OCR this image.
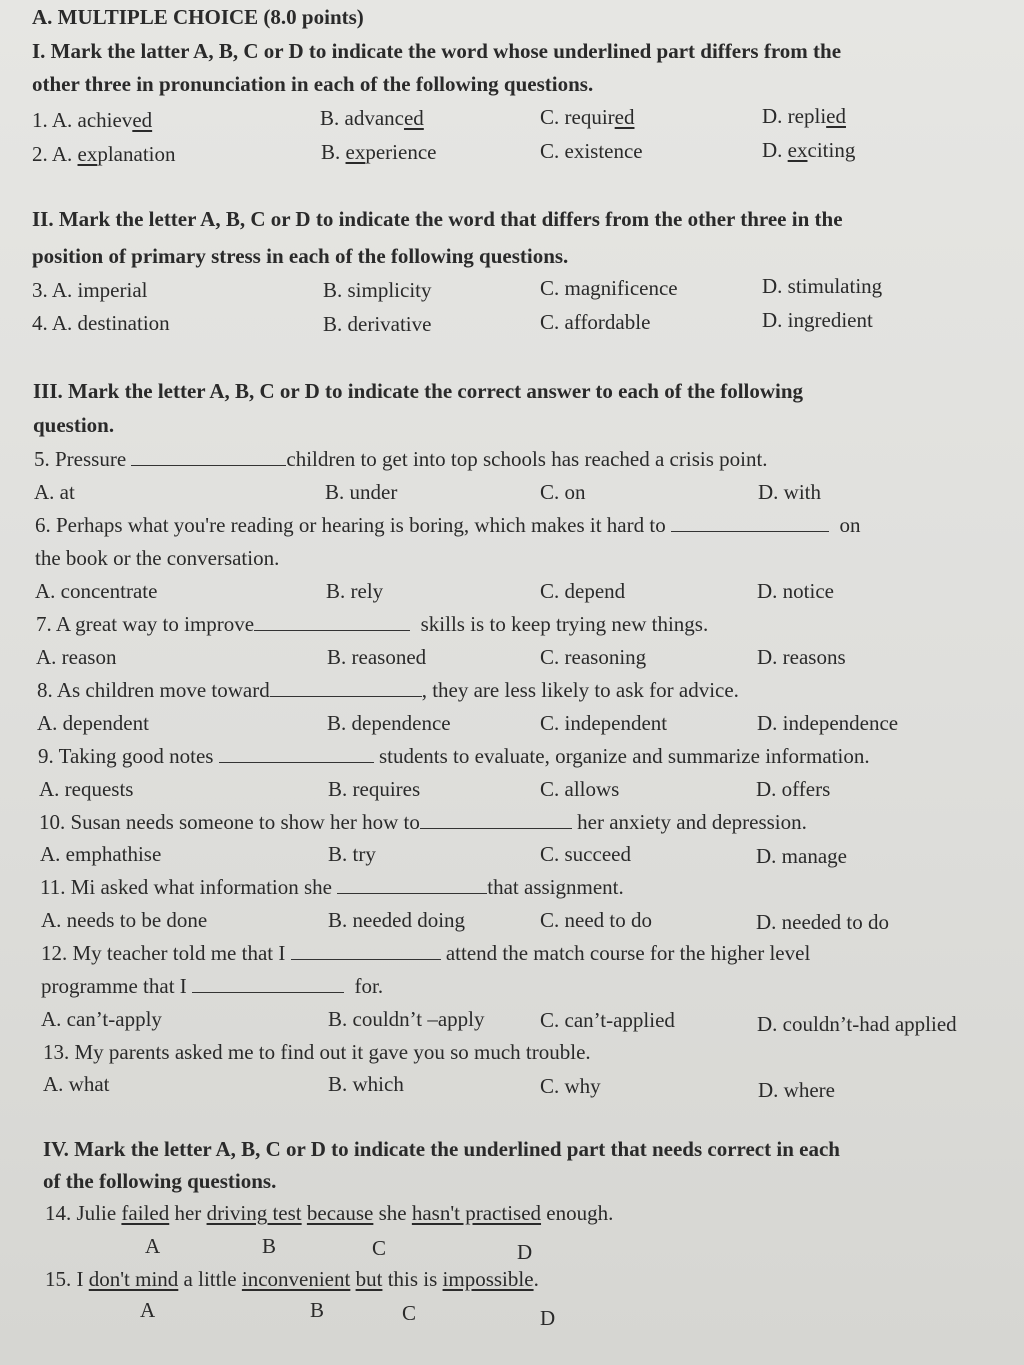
A. MULTIPLE CHOICE (8.0 points)
I. Mark the latter A, B, C or D to indicate the word whose underlined part differs from the
other three in pronunciation in each of the following questions.
1. A. achieved	B. advanced	C. required	D. replied
2. A. explanation	B. experience	C. existence	D. exciting
II. Mark the letter A, B, C or D to indicate the word that differs from the other three in the
position of primary stress in each of the following questions.
3. A. imperial	B. simplicity	C. magnificence	D. stimulating
4. A. destination	B. derivative	C. affordable	D. ingredient
III. Mark the letter A, B, C or D to indicate the correct answer to each of the following
question.
5. Pressure	children to get into top schools has reached a crisis point.
A. at	B. under	C. on	D. with
6. Perhaps what you're reading or hearing is boring, which makes it hard to	on
the book or the conversation.
A. concentrate	B. rely	C. depend	D. notice
7. A great way to improve	skills is to keep trying new things.
A. reason	B. reasoned	C. reasoning	D. reasons
8. As children move toward	, they are less likely to ask for advice.
A. dependent	B. dependence	C. independent	D. independence
9. Taking good notes	students to evaluate, organize and summarize information.
A. requests	B. requires	C. allows	D. offers
10. Susan needs someone to show her how to	her anxiety and depression.
A. emphathise	B. try	C. succeed	D. manage
11. Mi asked what information she	that assignment.
A. needs to be done	B. needed doing	C. need to do	D. needed to do
12. My teacher told me that I	attend the match course for the higher level
programme that I	for.
A. can’t-apply	B. couldn’t –apply	C. can’t-applied	D. couldn’t-had applied
13. My parents asked me to find out it gave you so much trouble.
A. what	B. which	C. why	D. where
IV. Mark the letter A, B, C or D to indicate the underlined part that needs correct in each
of the following questions.
14. Julie failed her driving test because she hasn't practised enough.
A	B	C	D
15. I don't mind a little inconvenient but this is impossible.
A	B	C	D
